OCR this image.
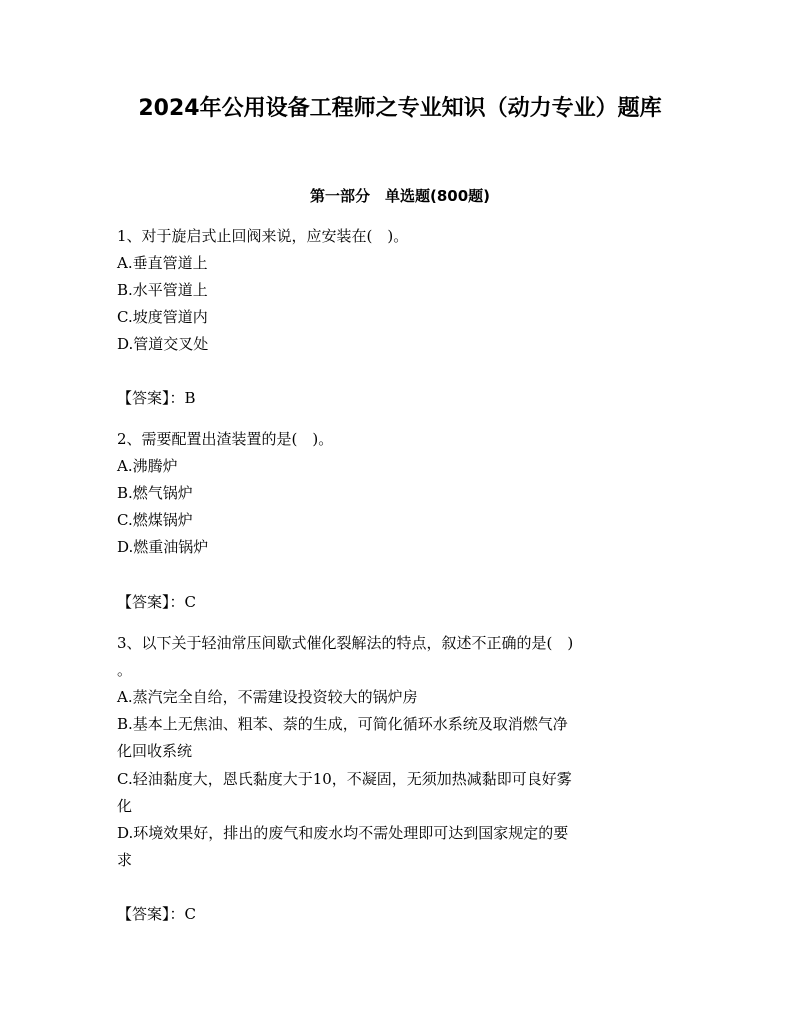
2024年公用设备工程师之专业知识（动力专业）题库
第一部分　单选题(800题)
1、对于旋启式止回阀来说，应安装在(　)。
A.垂直管道上
B.水平管道上
C.坡度管道内
D.管道交叉处
【答案】：B
2、需要配置出渣装置的是(　)。
A.沸腾炉
B.燃气锅炉
C.燃煤锅炉
D.燃重油锅炉
【答案】：C
3、以下关于轻油常压间歇式催化裂解法的特点，叙述不正确的是(　)
。
A.蒸汽完全自给，不需建设投资较大的锅炉房
B.基本上无焦油、粗苯、萘的生成，可简化循环水系统及取消燃气净
化回收系统
C.轻油黏度大，恩氏黏度大于10，不凝固，无须加热减黏即可良好雾
化
D.环境效果好，排出的废气和废水均不需处理即可达到国家规定的要
求
【答案】：C
